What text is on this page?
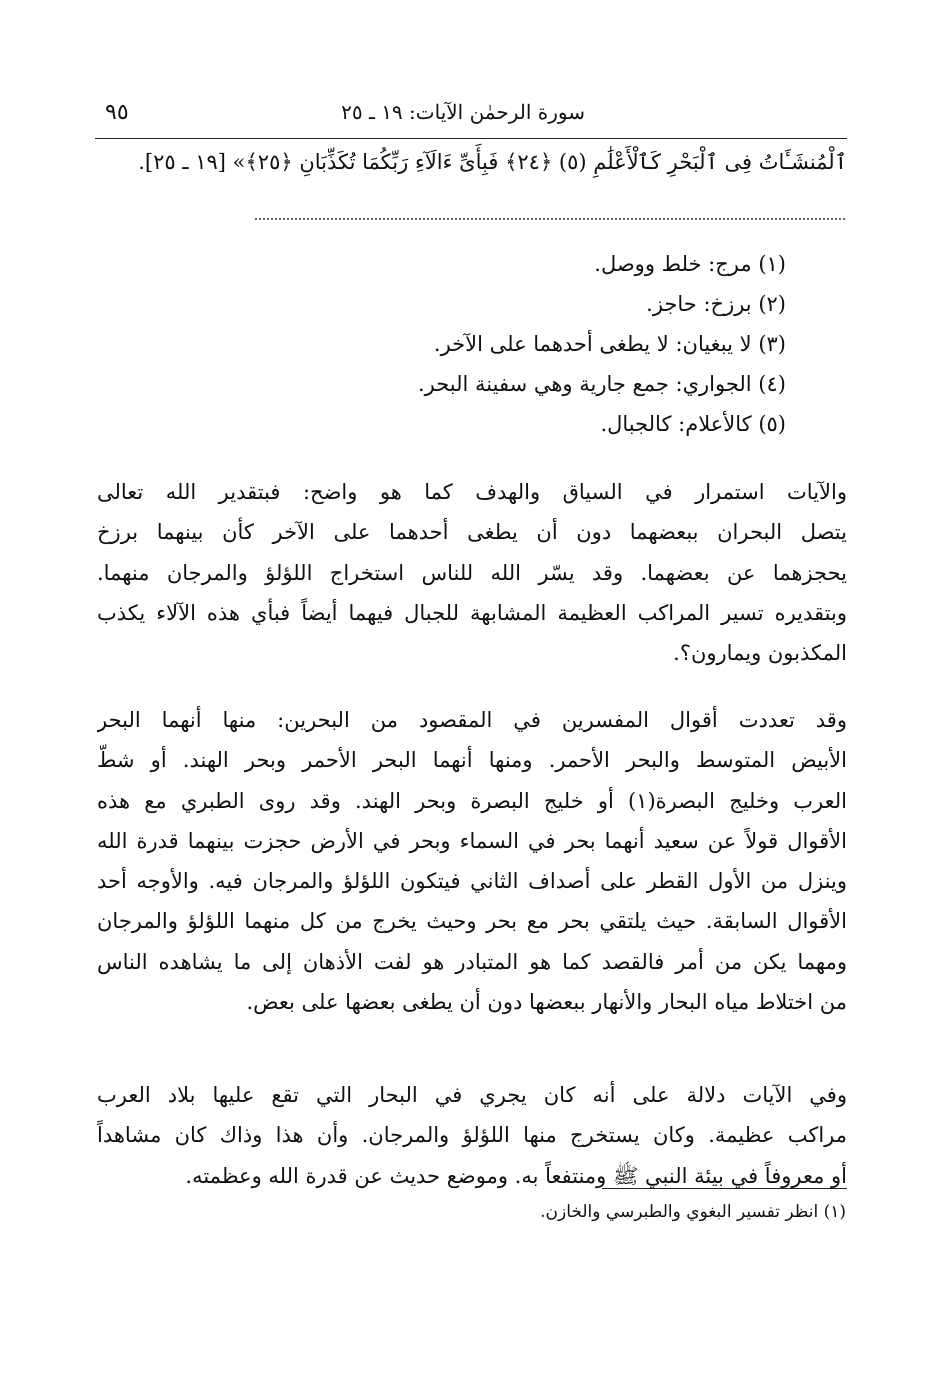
٩٥	سورة الرحمٰن الآيات: ١٩ ـ ٢٥
ٱلْمُنشَـَٔاتُ فِى ٱلْبَحْرِ كَٱلْأَعْلَٰمِ (٥) ﴿٢٤﴾ فَبِأَىِّ ءَالَآءِ رَبِّكُمَا تُكَذِّبَانِ ﴿٢٥﴾» [١٩ ـ ٢٥].
(١) مرج: خلط ووصل.
(٢) برزخ: حاجز.
(٣) لا يبغيان: لا يطغى أحدهما على الآخر.
(٤) الجواري: جمع جارية وهي سفينة البحر.
(٥) كالأعلام: كالجبال.
والآيات استمرار في السياق والهدف كما هو واضح: فبتقدير الله تعالى
يتصل البحران ببعضهما دون أن يطغى أحدهما على الآخر كأن بينهما برزخ
يحجزهما عن بعضهما. وقد يسّر الله للناس استخراج اللؤلؤ والمرجان منهما.
وبتقديره تسير المراكب العظيمة المشابهة للجبال فيهما أيضاً فبأي هذه الآلاء يكذب
المكذبون ويمارون؟.
وقد تعددت أقوال المفسرين في المقصود من البحرين: منها أنهما البحر
الأبيض المتوسط والبحر الأحمر. ومنها أنهما البحر الأحمر وبحر الهند. أو شطّ
العرب وخليج البصرة(١) أو خليج البصرة وبحر الهند. وقد روى الطبري مع هذه
الأقوال قولاً عن سعيد أنهما بحر في السماء وبحر في الأرض حجزت بينهما قدرة الله
وينزل من الأول القطر على أصداف الثاني فيتكون اللؤلؤ والمرجان فيه. والأوجه أحد
الأقوال السابقة. حيث يلتقي بحر مع بحر وحيث يخرج من كل منهما اللؤلؤ والمرجان
ومهما يكن من أمر فالقصد كما هو المتبادر هو لفت الأذهان إلى ما يشاهده الناس
من اختلاط مياه البحار والأنهار ببعضها دون أن يطغى بعضها على بعض.
وفي الآيات دلالة على أنه كان يجري في البحار التي تقع عليها بلاد العرب
مراكب عظيمة. وكان يستخرج منها اللؤلؤ والمرجان. وأن هذا وذاك كان مشاهداً
أو معروفاً في بيئة النبي ﷺ ومنتفعاً به. وموضع حديث عن قدرة الله وعظمته.
(١) انظر تفسير البغوي والطبرسي والخازن.
